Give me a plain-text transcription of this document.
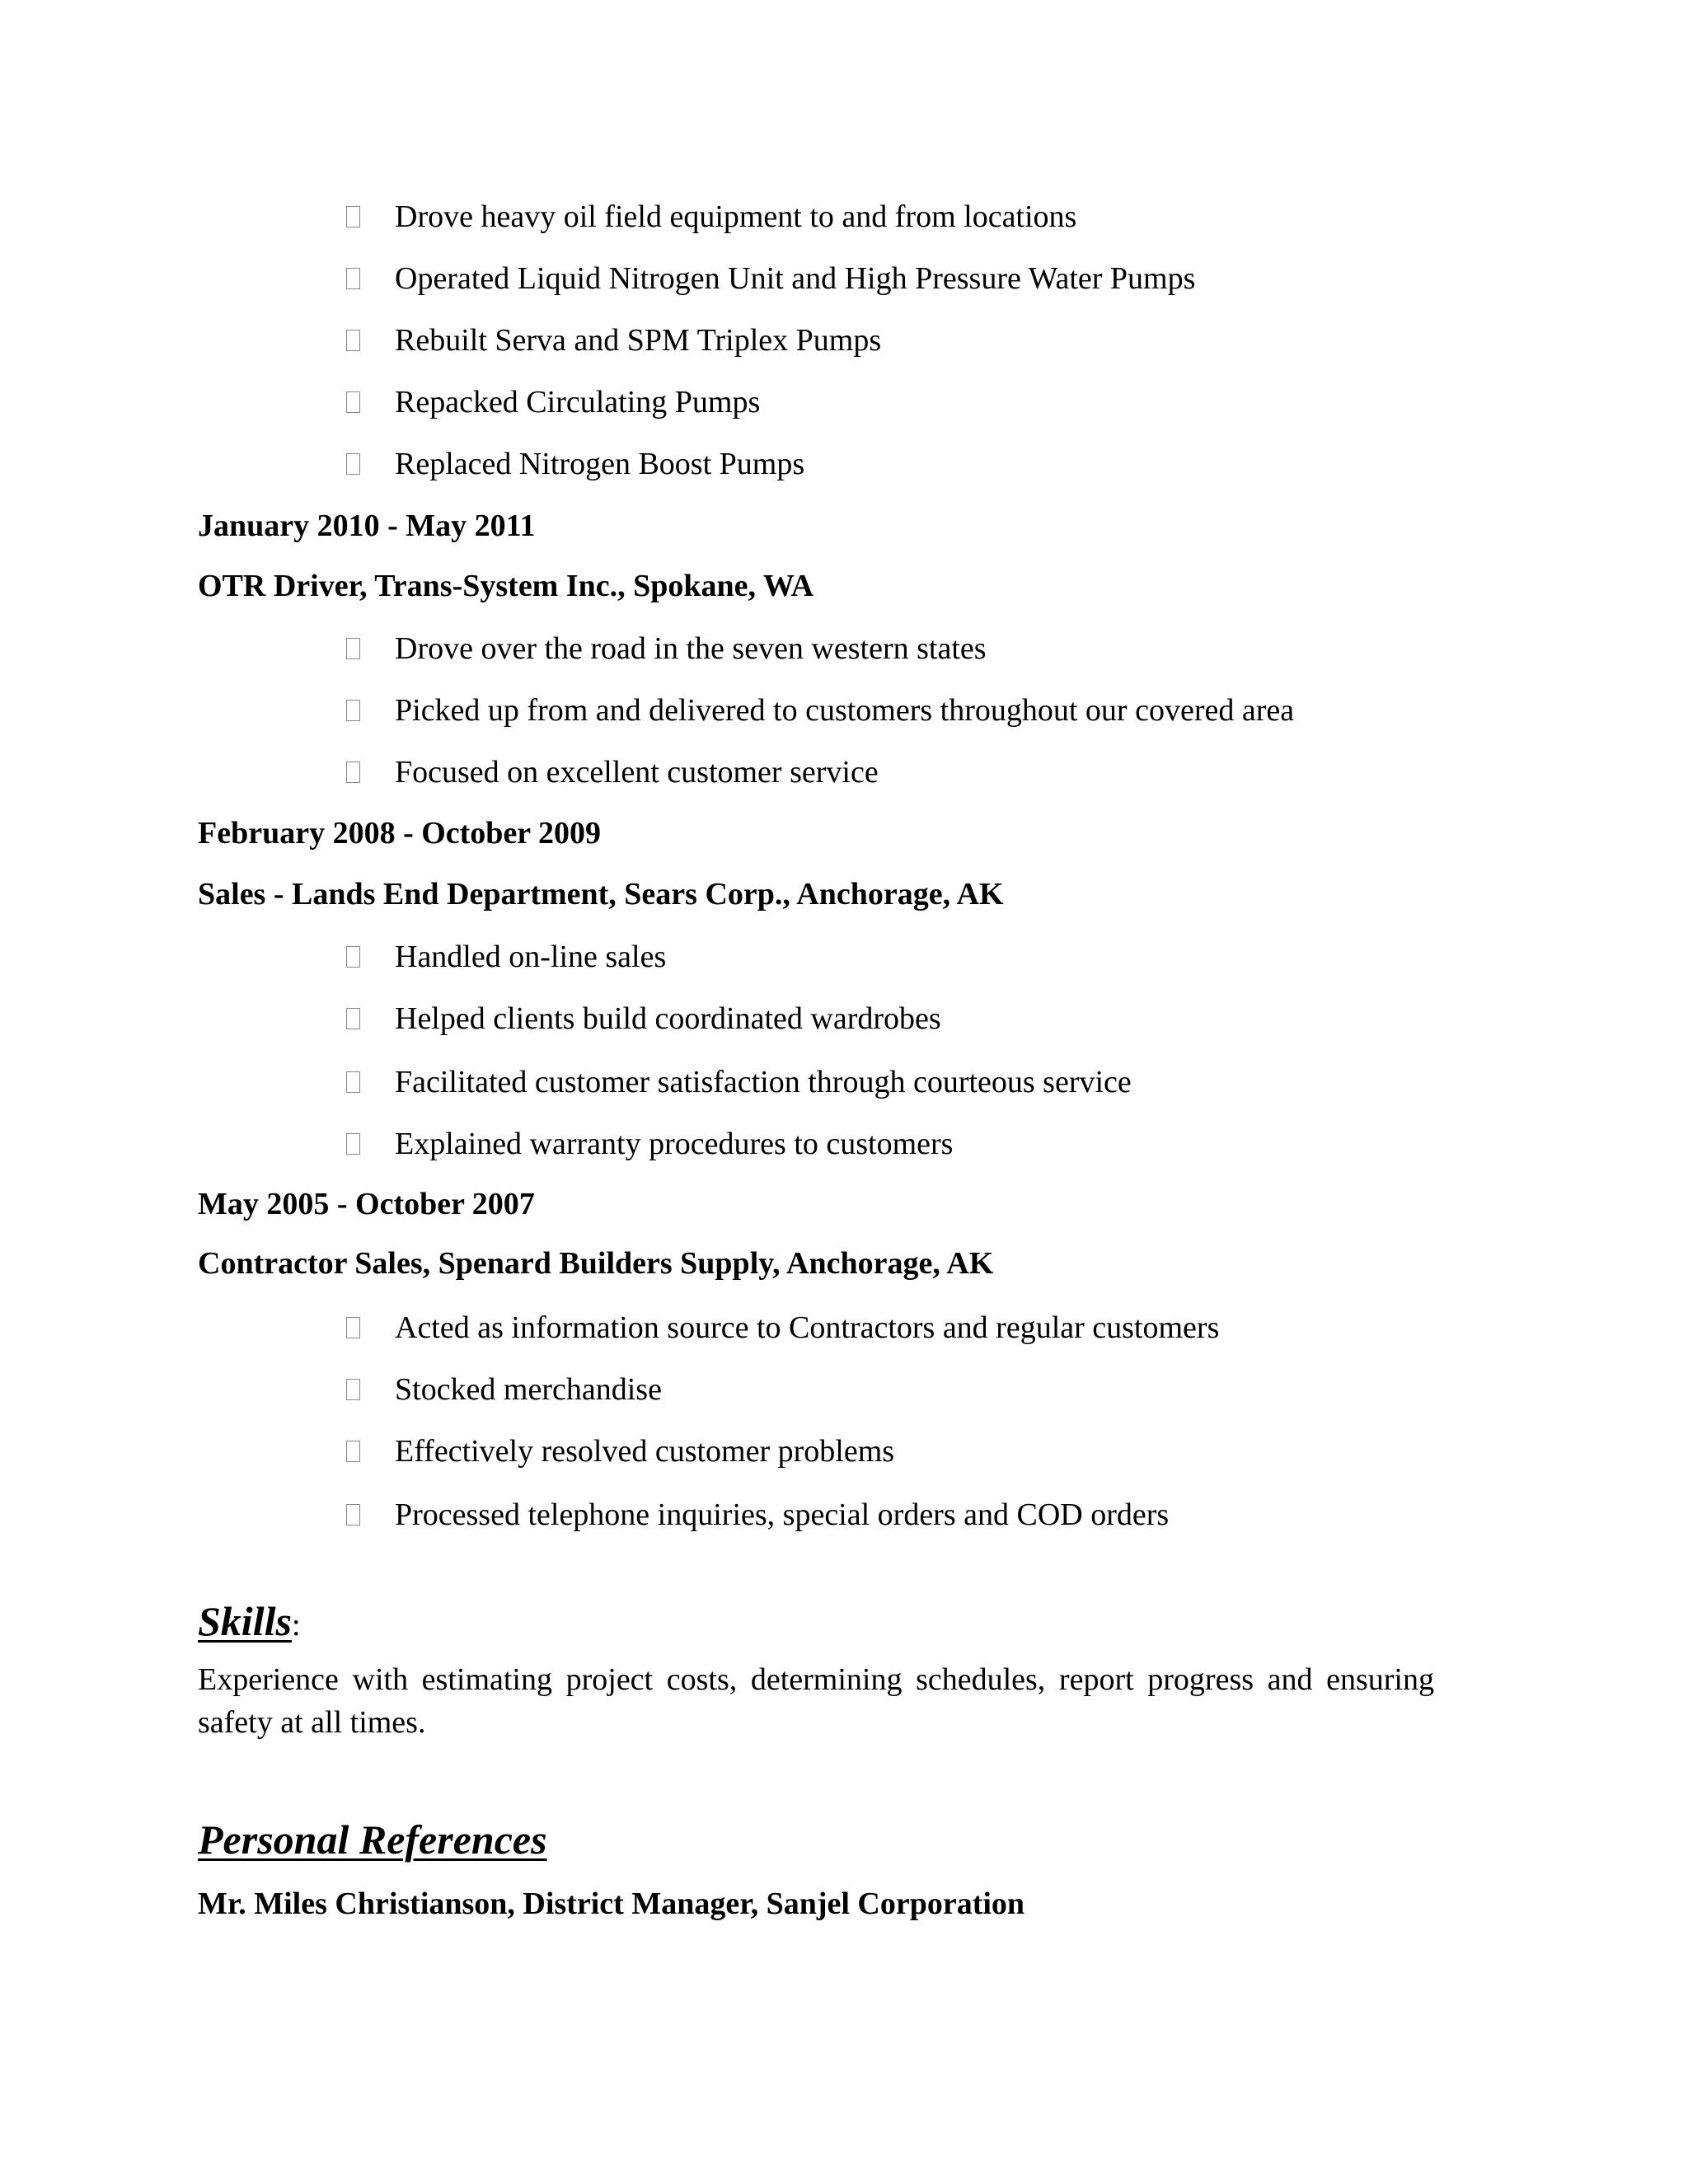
Drove heavy oil field equipment to and from locations
Operated Liquid Nitrogen Unit and High Pressure Water Pumps
Rebuilt Serva and SPM Triplex Pumps
Repacked Circulating Pumps
Replaced Nitrogen Boost Pumps
January 2010 - May 2011
OTR Driver, Trans-System Inc., Spokane, WA
Drove over the road in the seven western states
Picked up from and delivered to customers throughout our covered area
Focused on excellent customer service
February 2008 - October 2009
Sales - Lands End Department, Sears Corp., Anchorage, AK
Handled on-line sales
Helped clients build coordinated wardrobes
Facilitated customer satisfaction through courteous service
Explained warranty procedures to customers
May 2005 - October 2007
Contractor Sales, Spenard Builders Supply, Anchorage, AK
Acted as information source to Contractors and regular customers
Stocked merchandise
Effectively resolved customer problems
Processed telephone inquiries, special orders and COD orders
Skills:
Experience with estimating project costs, determining schedules, report progress and ensuring safety at all times.
Personal References
Mr. Miles Christianson, District Manager, Sanjel Corporation
